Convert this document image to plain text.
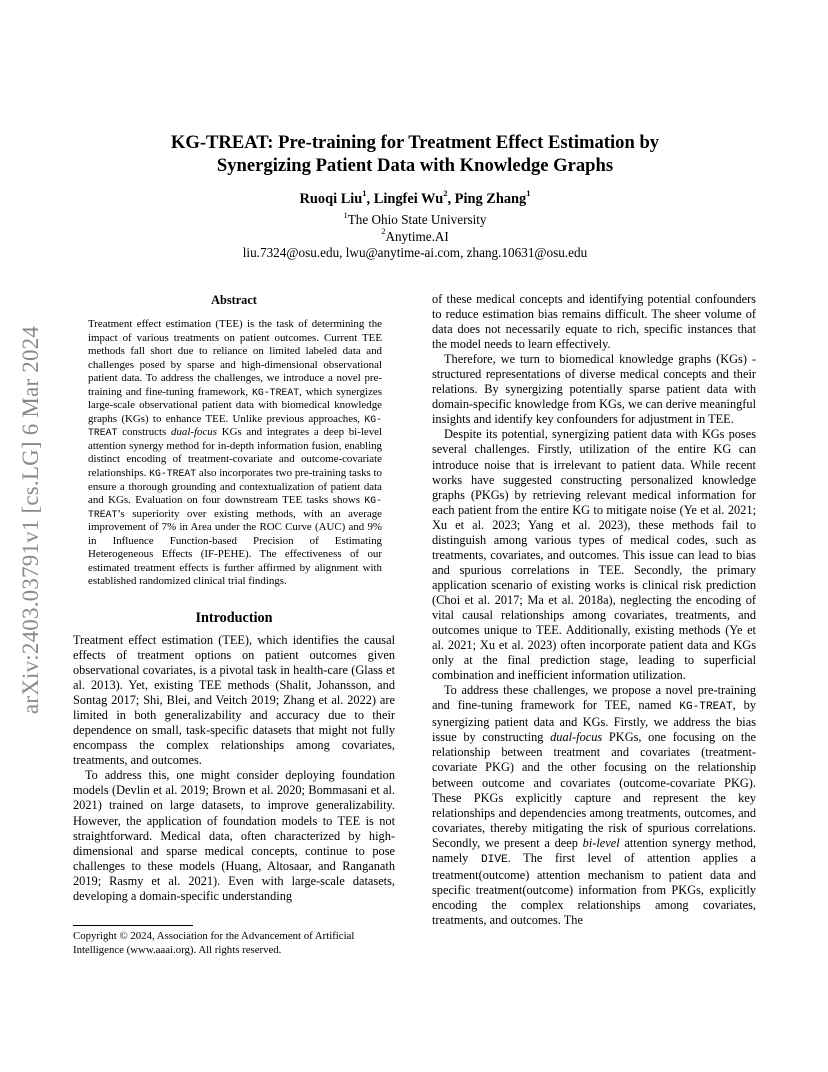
arXiv:2403.03791v1 [cs.LG] 6 Mar 2024
KG-TREAT: Pre-training for Treatment Effect Estimation by
Synergizing Patient Data with Knowledge Graphs
Ruoqi Liu$^1$, Lingfei Wu$^2$, Ping Zhang$^1$
$^1$The Ohio State University
$^2$Anytime.AI
liu.7324@osu.edu, lwu@anytime-ai.com, zhang.10631@osu.edu
Abstract
Treatment effect estimation (TEE) is the task of determining the impact of various treatments on patient outcomes. Current TEE methods fall short due to reliance on limited labeled data and challenges posed by sparse and high-dimensional observational patient data. To address the challenges, we introduce a novel pre-training and fine-tuning framework, KG-TREAT, which synergizes large-scale observational patient data with biomedical knowledge graphs (KGs) to enhance TEE. Unlike previous approaches, KG-TREAT constructs dual-focus KGs and integrates a deep bi-level attention synergy method for in-depth information fusion, enabling distinct encoding of treatment-covariate and outcome-covariate relationships. KG-TREAT also incorporates two pre-training tasks to ensure a thorough grounding and contextualization of patient data and KGs. Evaluation on four downstream TEE tasks shows KG-TREAT’s superiority over existing methods, with an average improvement of 7% in Area under the ROC Curve (AUC) and 9% in Influence Function-based Precision of Estimating Heterogeneous Effects (IF-PEHE). The effectiveness of our estimated treatment effects is further affirmed by alignment with established randomized clinical trial findings.
Introduction

Treatment effect estimation (TEE), which identifies the causal effects of treatment options on patient outcomes given observational covariates, is a pivotal task in health-care (Glass et al. 2013). Yet, existing TEE methods (Shalit, Johansson, and Sontag 2017; Shi, Blei, and Veitch 2019; Zhang et al. 2022) are limited in both generalizability and accuracy due to their dependence on small, task-specific datasets that might not fully encompass the complex relationships among covariates, treatments, and outcomes.

To address this, one might consider deploying foundation models (Devlin et al. 2019; Brown et al. 2020; Bommasani et al. 2021) trained on large datasets, to improve generalizability. However, the application of foundation models to TEE is not straightforward. Medical data, often characterized by high-dimensional and sparse medical concepts, continue to pose challenges to these models (Huang, Altosaar, and Ranganath 2019; Rasmy et al. 2021). Even with large-scale datasets, developing a domain-specific understanding

of these medical concepts and identifying potential confounders to reduce estimation bias remains difficult. The sheer volume of data does not necessarily equate to rich, specific instances that the model needs to learn effectively.

Therefore, we turn to biomedical knowledge graphs (KGs) - structured representations of diverse medical concepts and their relations. By synergizing potentially sparse patient data with domain-specific knowledge from KGs, we can derive meaningful insights and identify key confounders for adjustment in TEE.

Despite its potential, synergizing patient data with KGs poses several challenges. Firstly, utilization of the entire KG can introduce noise that is irrelevant to patient data. While recent works have suggested constructing personalized knowledge graphs (PKGs) by retrieving relevant medical information for each patient from the entire KG to mitigate noise (Ye et al. 2021; Xu et al. 2023; Yang et al. 2023), these methods fail to distinguish among various types of medical codes, such as treatments, covariates, and outcomes. This issue can lead to bias and spurious correlations in TEE. Secondly, the primary application scenario of existing works is clinical risk prediction (Choi et al. 2017; Ma et al. 2018a), neglecting the encoding of vital causal relationships among covariates, treatments, and outcomes unique to TEE. Additionally, existing methods (Ye et al. 2021; Xu et al. 2023) often incorporate patient data and KGs only at the final prediction stage, leading to superficial combination and inefficient information utilization.

To address these challenges, we propose a novel pre-training and fine-tuning framework for TEE, named KG-TREAT, by synergizing patient data and KGs. Firstly, we address the bias issue by constructing dual-focus PKGs, one focusing on the relationship between treatment and covariates (treatment-covariate PKG) and the other focusing on the relationship between outcome and covariates (outcome-covariate PKG). These PKGs explicitly capture and represent the key relationships and dependencies among treatments, outcomes, and covariates, thereby mitigating the risk of spurious correlations. Secondly, we present a deep bi-level attention synergy method, namely DIVE. The first level of attention applies a treatment(outcome) attention mechanism to patient data and specific treatment(outcome) information from PKGs, explicitly encoding the complex relationships among covariates, treatments, and outcomes. The

Copyright © 2024, Association for the Advancement of Artificial Intelligence (www.aaai.org). All rights reserved.
